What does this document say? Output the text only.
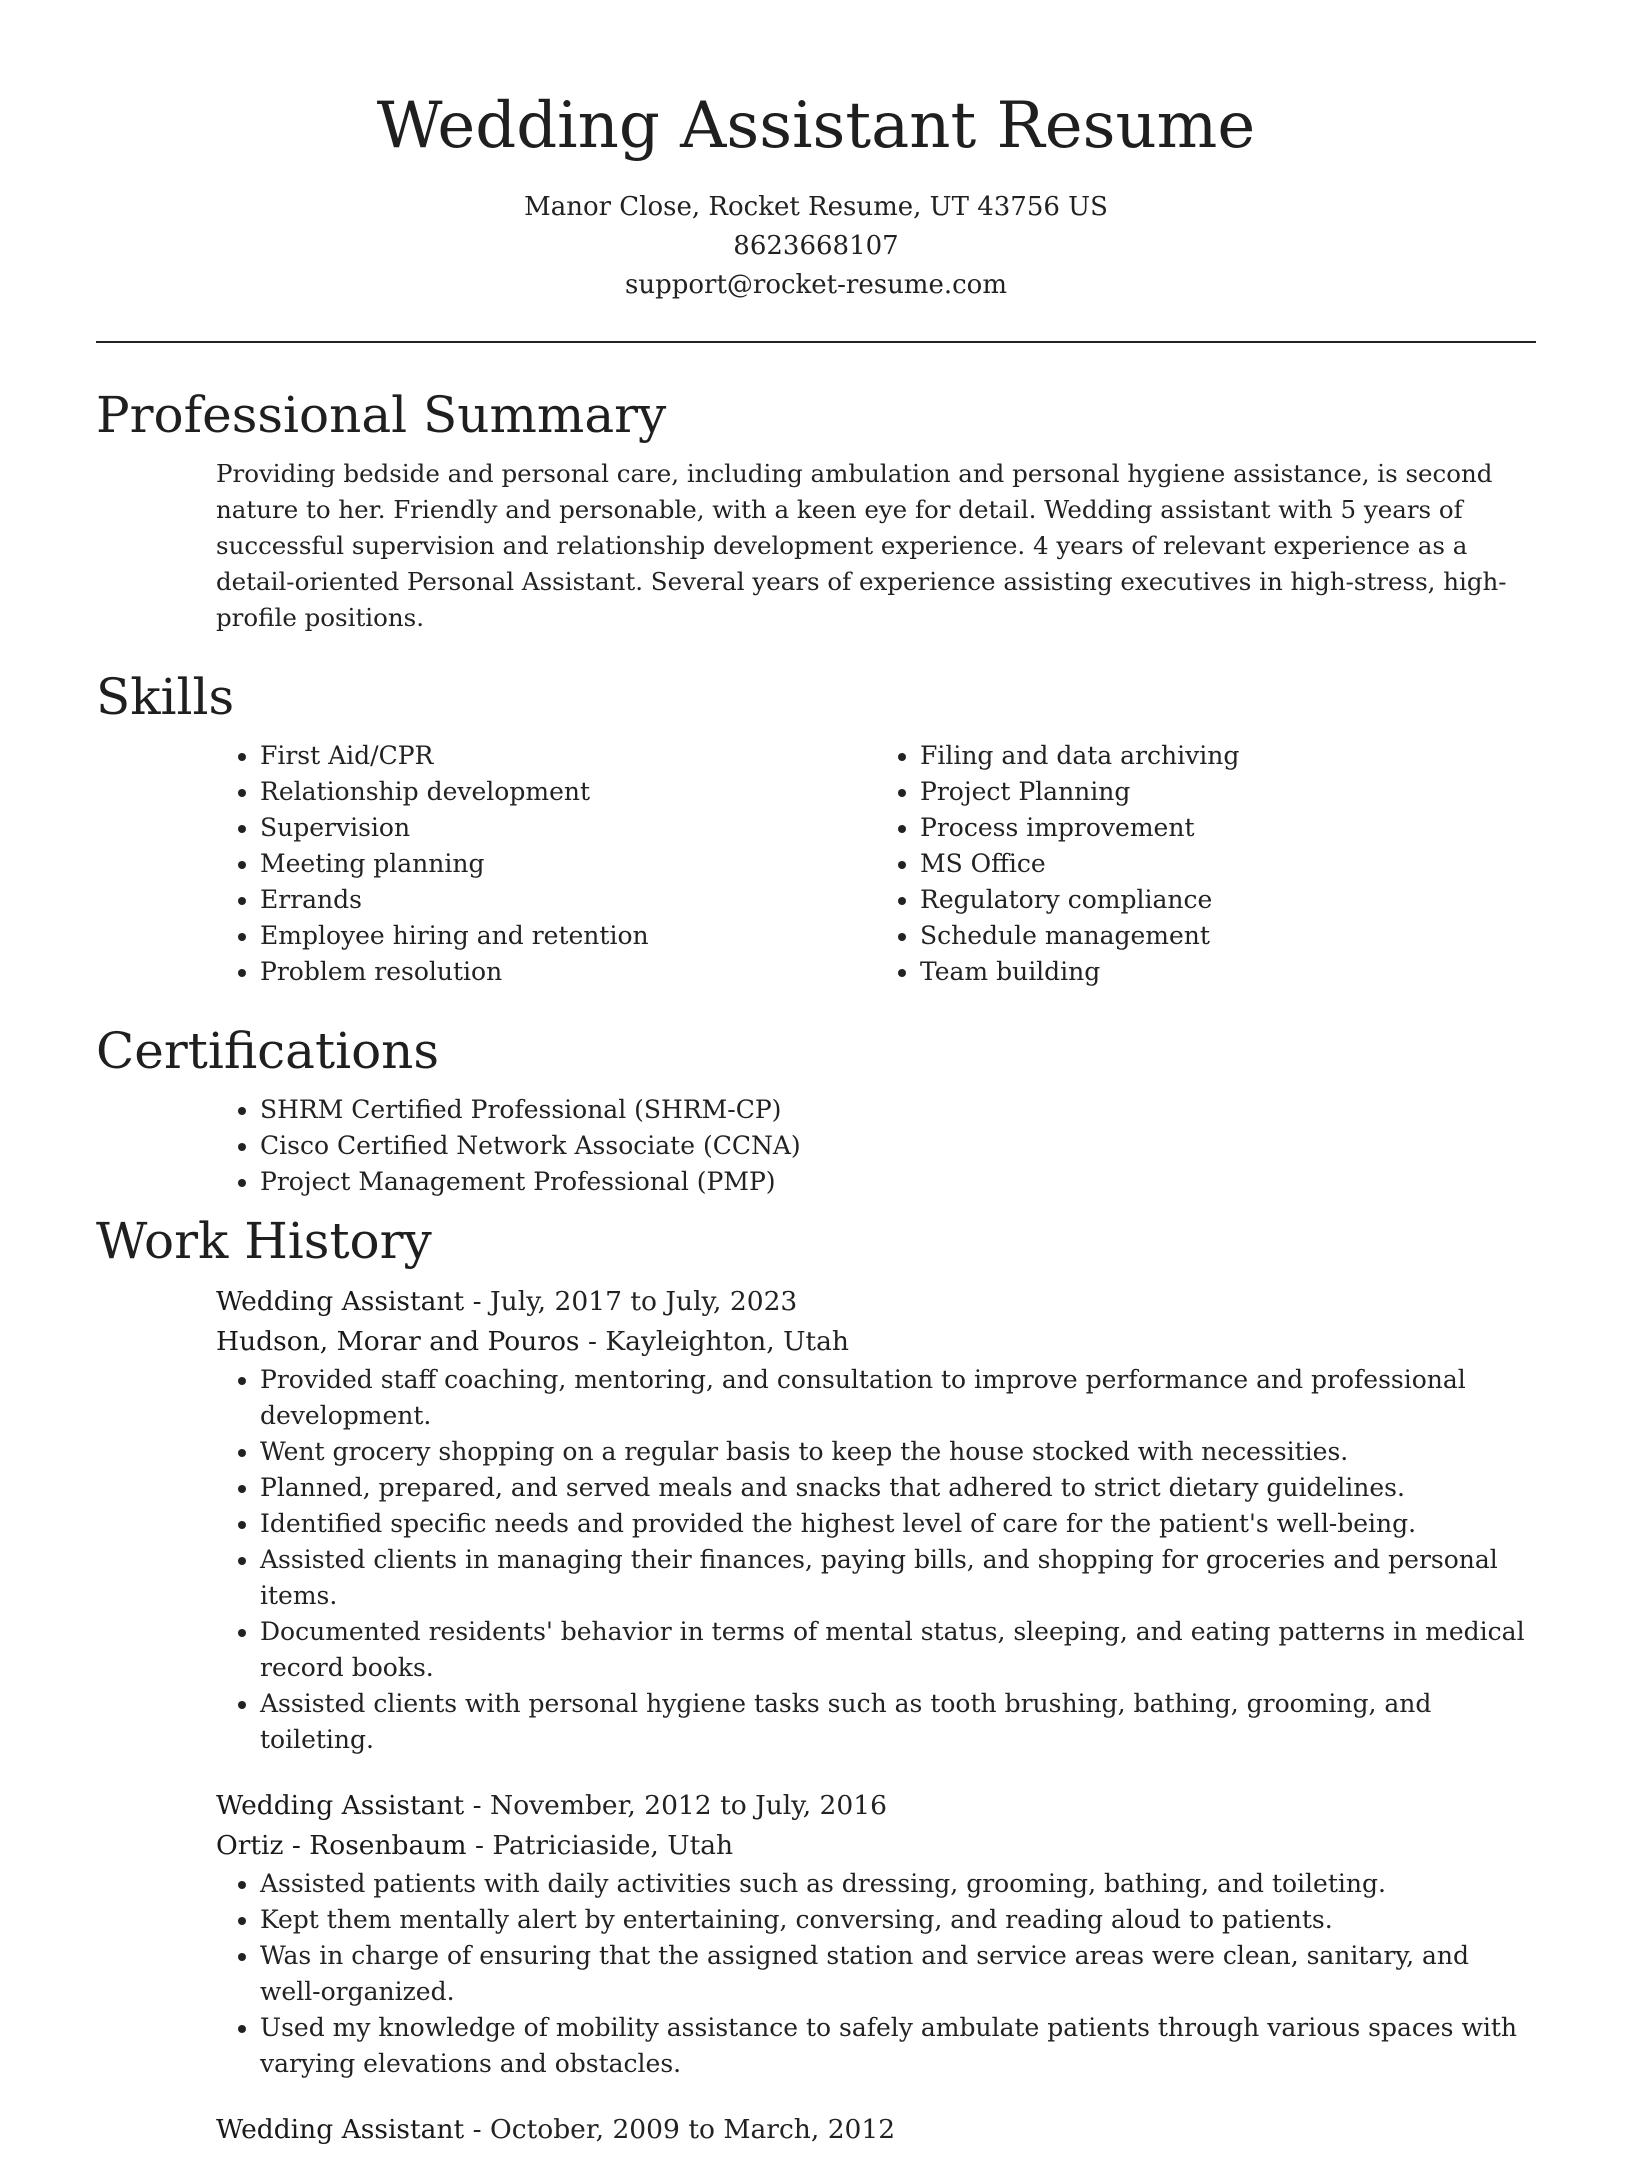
Wedding Assistant Resume
Manor Close, Rocket Resume, UT 43756 US
8623668107
support@rocket-resume.com
Professional Summary

Providing bedside and personal care, including ambulation and personal hygiene assistance, is second nature to her. Friendly and personable, with a keen eye for detail. Wedding assistant with 5 years of successful supervision and relationship development experience. 4 years of relevant experience as a detail-oriented Personal Assistant. Several years of experience assisting executives in high-stress, high-profile positions.

Skills
• First Aid/CPR
• Relationship development
• Supervision
• Meeting planning
• Errands
• Employee hiring and retention
• Problem resolution
• Filing and data archiving
• Project Planning
• Process improvement
• MS Office
• Regulatory compliance
• Schedule management
• Team building
Certifications
• SHRM Certified Professional (SHRM-CP)
• Cisco Certified Network Associate (CCNA)
• Project Management Professional (PMP)
Work History
Wedding Assistant - July, 2017 to July, 2023
Hudson, Morar and Pouros - Kayleighton, Utah
• Provided staff coaching, mentoring, and consultation to improve performance and professional development.
• Went grocery shopping on a regular basis to keep the house stocked with necessities.
• Planned, prepared, and served meals and snacks that adhered to strict dietary guidelines.
• Identified specific needs and provided the highest level of care for the patient's well-being.
• Assisted clients in managing their finances, paying bills, and shopping for groceries and personal items.
• Documented residents' behavior in terms of mental status, sleeping, and eating patterns in medical record books.
• Assisted clients with personal hygiene tasks such as tooth brushing, bathing, grooming, and toileting.
Wedding Assistant - November, 2012 to July, 2016
Ortiz - Rosenbaum - Patriciaside, Utah
• Assisted patients with daily activities such as dressing, grooming, bathing, and toileting.
• Kept them mentally alert by entertaining, conversing, and reading aloud to patients.
• Was in charge of ensuring that the assigned station and service areas were clean, sanitary, and well-organized.
• Used my knowledge of mobility assistance to safely ambulate patients through various spaces with varying elevations and obstacles.
Wedding Assistant - October, 2009 to March, 2012
